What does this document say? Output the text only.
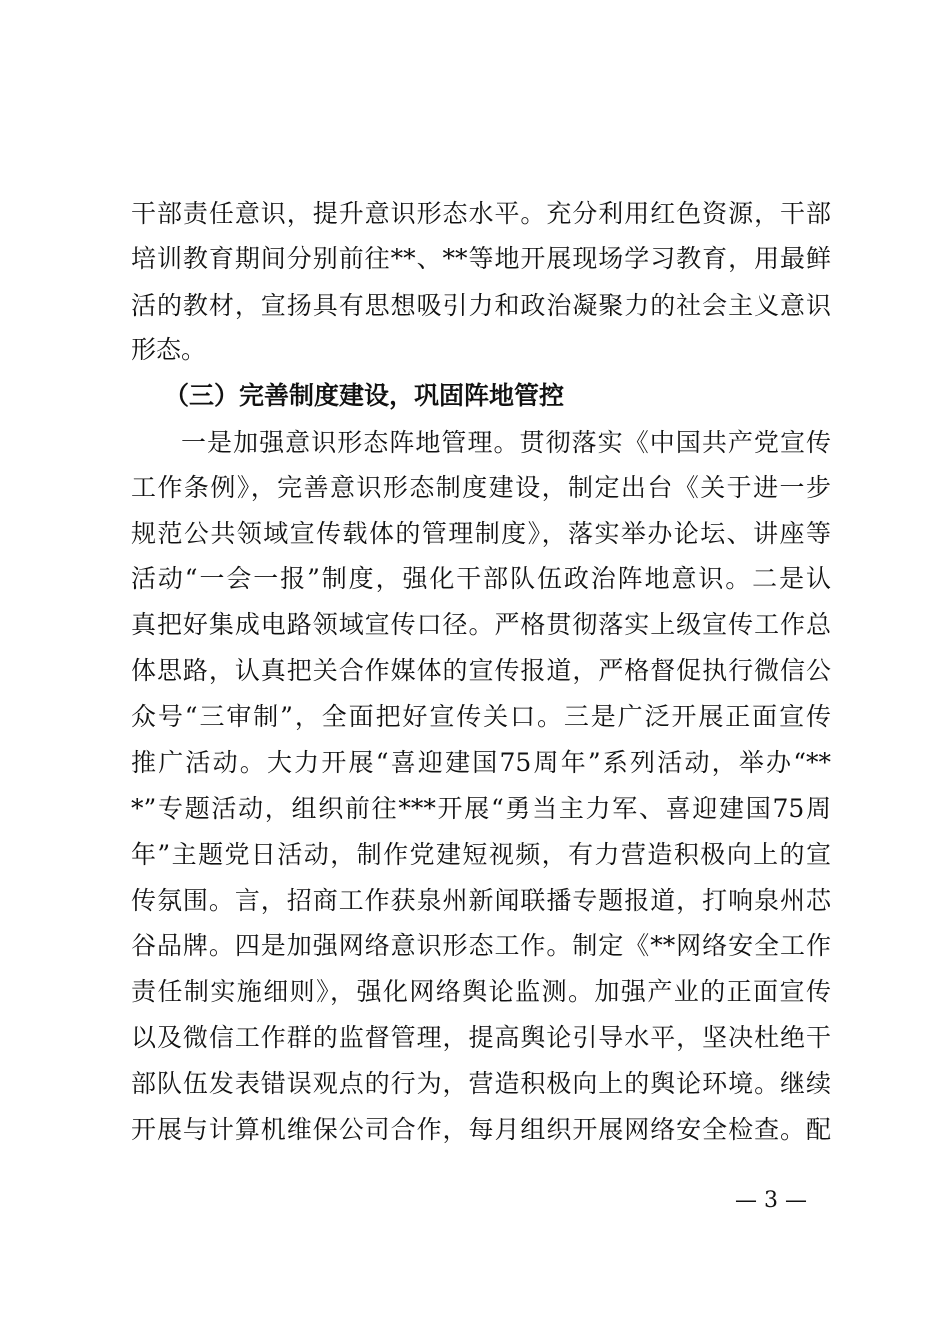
干部责任意识，提升意识形态水平。充分利用红色资源，干部
培训教育期间分别前往**、**等地开展现场学习教育，用最鲜
活的教材，宣扬具有思想吸引力和政治凝聚力的社会主义意识
形态。
（三）完善制度建设，巩固阵地管控
一是加强意识形态阵地管理。贯彻落实《中国共产党宣传
工作条例》，完善意识形态制度建设，制定出台《关于进一步
规范公共领域宣传载体的管理制度》，落实举办论坛、讲座等
活动“一会一报”制度，强化干部队伍政治阵地意识。二是认
真把好集成电路领域宣传口径。严格贯彻落实上级宣传工作总
体思路，认真把关合作媒体的宣传报道，严格督促执行微信公
众号“三审制”，全面把好宣传关口。三是广泛开展正面宣传
推广活动。大力开展“喜迎建国75周年”系列活动，举办“**
*”专题活动，组织前往***开展“勇当主力军、喜迎建国75周
年”主题党日活动，制作党建短视频，有力营造积极向上的宣
传氛围。言，招商工作获泉州新闻联播专题报道，打响泉州芯
谷品牌。四是加强网络意识形态工作。制定《**网络安全工作
责任制实施细则》，强化网络舆论监测。加强产业的正面宣传
以及微信工作群的监督管理，提高舆论引导水平，坚决杜绝干
部队伍发表错误观点的行为，营造积极向上的舆论环境。继续
开展与计算机维保公司合作，每月组织开展网络安全检查。配
— 3 —
